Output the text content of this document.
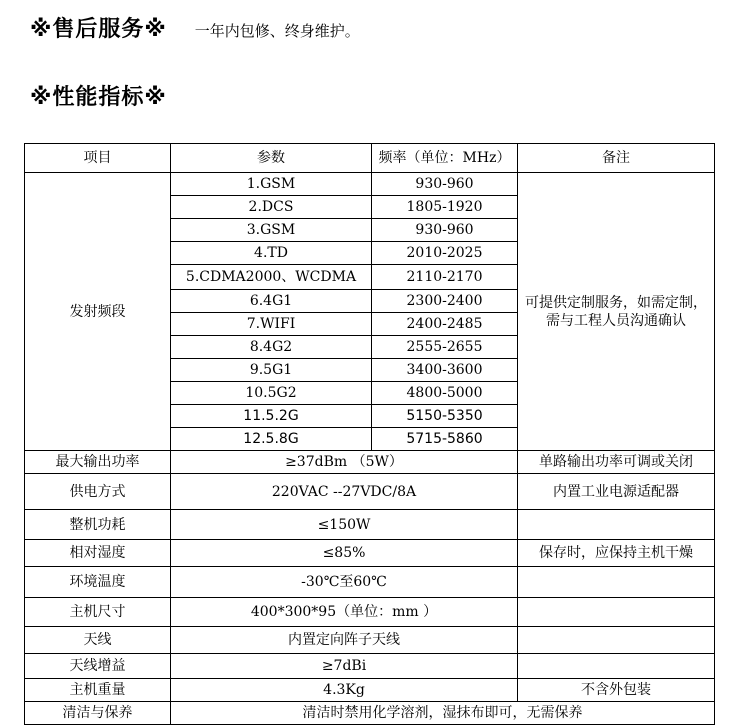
※售后服务※ 一年内包修、终身维护。
※性能指标※
项目	参数	频率（单位：MHz）	备注
发射频段	1.GSM	930-960	可提供定制服务，如需定制，需与工程人员沟通确认
	2.DCS	1805-1920	
	3.GSM	930-960	
	4.TD	2010-2025	
	5.CDMA2000、WCDMA	2110-2170	
	6.4G1	2300-2400	
	7.WIFI	2400-2485	
	8.4G2	2555-2655	
	9.5G1	3400-3600	
	10.5G2	4800-5000	
	11.5.2G	5150-5350	
	12.5.8G	5715-5860	
最大输出功率	≥37dBm （5W）		单路输出功率可调或关闭
供电方式	220VAC --27VDC/8A		内置工业电源适配器
整机功耗	≤150W		
相对湿度	≤85%		保存时，应保持主机干燥
环境温度	-30℃至60℃		
主机尺寸	400*300*95（单位：mm ）		
天线	内置定向阵子天线		
天线增益	≥7dBi		
主机重量	4.3Kg		不含外包装
清洁与保养	清洁时禁用化学溶剂，湿抹布即可，无需保养		
